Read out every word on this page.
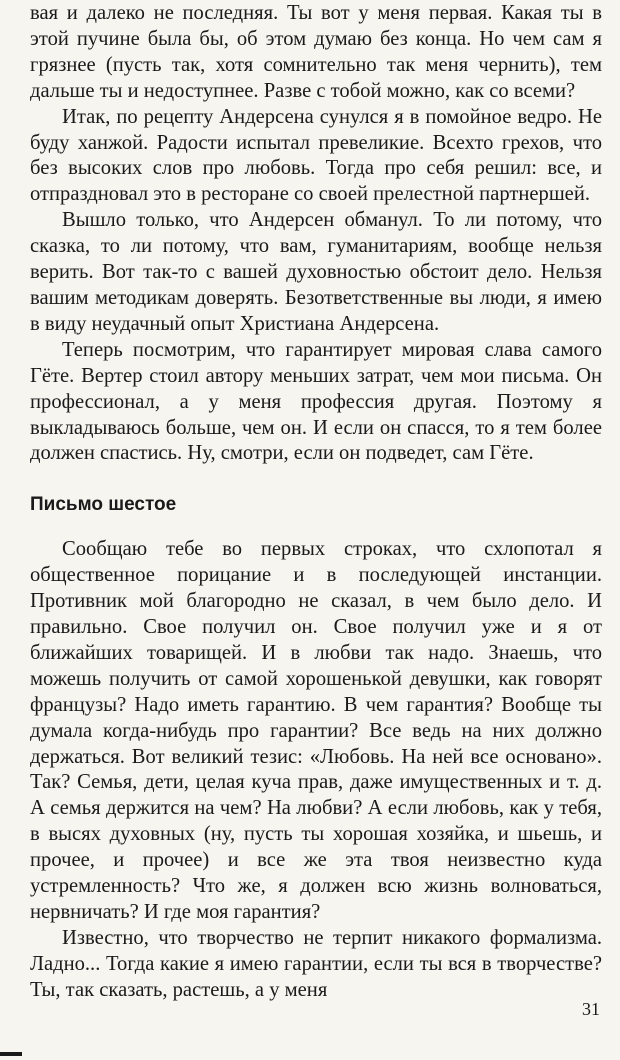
вая и далеко не последняя. Ты вот у меня первая. Какая ты в этой пучине была бы, об этом думаю без конца. Но чем сам я грязнее (пусть так, хотя сомнительно так меня чернить), тем дальше ты и недоступнее. Разве с тобой можно, как со всеми?

Итак, по рецепту Андерсена сунулся я в помойное ведро. Не буду ханжой. Радости испытал превеликие. Всехто грехов, что без высоких слов про любовь. Тогда про себя решил: все, и отпраздновал это в ресторане со своей прелестной партнершей.

Вышло только, что Андерсен обманул. То ли потому, что сказка, то ли потому, что вам, гуманитариям, вообще нельзя верить. Вот так-то с вашей духовностью обстоит дело. Нельзя вашим методикам доверять. Безответственные вы люди, я имею в виду неудачный опыт Христиана Андерсена.

Теперь посмотрим, что гарантирует мировая слава самого Гёте. Вертер стоил автору меньших затрат, чем мои письма. Он профессионал, а у меня профессия другая. Поэтому я выкладываюсь больше, чем он. И если он спасся, то я тем более должен спастись. Ну, смотри, если он подведет, сам Гёте.

Письмо шестое

Сообщаю тебе во первых строках, что схлопотал я общественное порицание и в последующей инстанции. Противник мой благородно не сказал, в чем было дело. И правильно. Свое получил он. Свое получил уже и я от ближайших товарищей. И в любви так надо. Знаешь, что можешь получить от самой хорошенькой девушки, как говорят французы? Надо иметь гарантию. В чем гарантия? Вообще ты думала когда-нибудь про гарантии? Все ведь на них должно держаться. Вот великий тезис: «Любовь. На ней все основано». Так? Семья, дети, целая куча прав, даже имущественных и т. д. А семья держится на чем? На любви? А если любовь, как у тебя, в высях духовных (ну, пусть ты хорошая хозяйка, и шьешь, и прочее, и прочее) и все же эта твоя неизвестно куда устремленность? Что же, я должен всю жизнь волноваться, нервничать? И где моя гарантия?

Известно, что творчество не терпит никакого формализма. Ладно... Тогда какие я имею гарантии, если ты вся в творчестве? Ты, так сказать, растешь, а у меня

31
